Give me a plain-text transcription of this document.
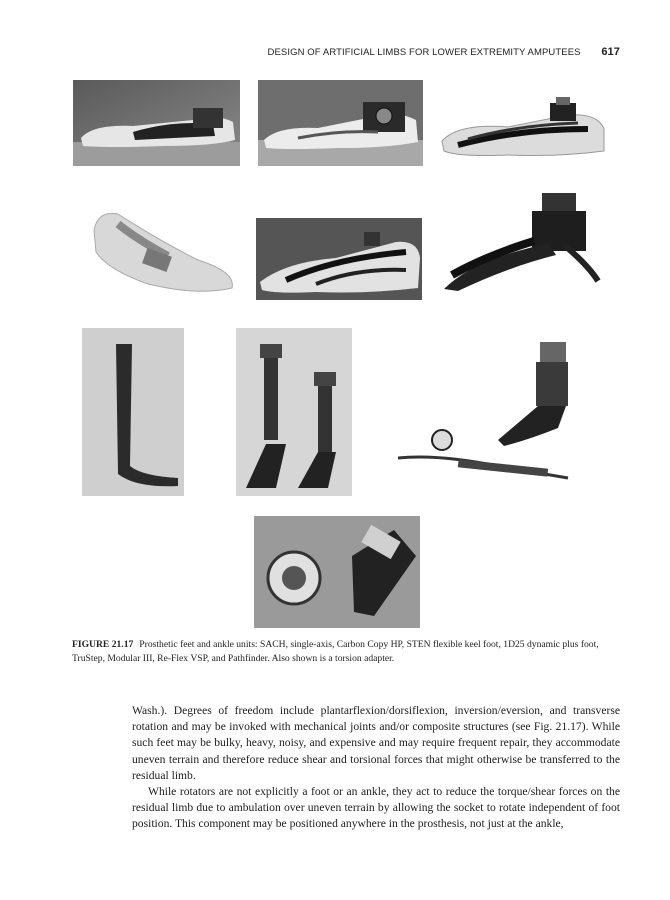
DESIGN OF ARTIFICIAL LIMBS FOR LOWER EXTREMITY AMPUTEES 617
FIGURE 21.17 Prosthetic feet and ankle units: SACH, single-axis, Carbon Copy HP, STEN flexible keel foot, 1D25 dynamic plus foot, TruStep, Modular III, Re-Flex VSP, and Pathfinder. Also shown is a torsion adapter.

Wash.). Degrees of freedom include plantarflexion/dorsiflexion, inversion/eversion, and transverse rotation and may be invoked with mechanical joints and/or composite structures (see Fig. 21.17). While such feet may be bulky, heavy, noisy, and expensive and may require frequent repair, they accommodate uneven terrain and therefore reduce shear and torsional forces that might otherwise be transferred to the residual limb.

While rotators are not explicitly a foot or an ankle, they act to reduce the torque/shear forces on the residual limb due to ambulation over uneven terrain by allowing the socket to rotate independent of foot position. This component may be positioned anywhere in the prosthesis, not just at the ankle,
